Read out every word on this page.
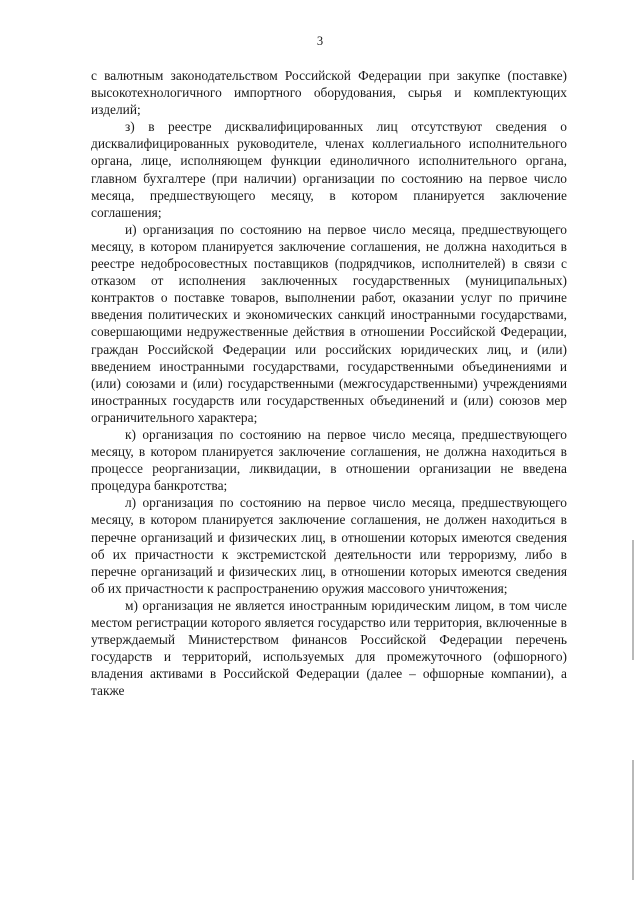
3

с валютным законодательством Российской Федерации при закупке (поставке) высокотехнологичного импортного оборудования, сырья и комплектующих изделий;

з) в реестре дисквалифицированных лиц отсутствуют сведения о дисквалифицированных руководителе, членах коллегиального исполнительного органа, лице, исполняющем функции единоличного исполнительного органа, главном бухгалтере (при наличии) организации по состоянию на первое число месяца, предшествующего месяцу, в котором планируется заключение соглашения;

и) организация по состоянию на первое число месяца, предшествующего месяцу, в котором планируется заключение соглашения, не должна находиться в реестре недобросовестных поставщиков (подрядчиков, исполнителей) в связи с отказом от исполнения заключенных государственных (муниципальных) контрактов о поставке товаров, выполнении работ, оказании услуг по причине введения политических и экономических санкций иностранными государствами, совершающими недружественные действия в отношении Российской Федерации, граждан Российской Федерации или российских юридических лиц, и (или) введением иностранными государствами, государственными объединениями и (или) союзами и (или) государственными (межгосударственными) учреждениями иностранных государств или государственных объединений и (или) союзов мер ограничительного характера;

к) организация по состоянию на первое число месяца, предшествующего месяцу, в котором планируется заключение соглашения, не должна находиться в процессе реорганизации, ликвидации, в отношении организации не введена процедура банкротства;

л) организация по состоянию на первое число месяца, предшествующего месяцу, в котором планируется заключение соглашения, не должен находиться в перечне организаций и физических лиц, в отношении которых имеются сведения об их причастности к экстремистской деятельности или терроризму, либо в перечне организаций и физических лиц, в отношении которых имеются сведения об их причастности к распространению оружия массового уничтожения;

м) организация не является иностранным юридическим лицом, в том числе местом регистрации которого является государство или территория, включенные в утверждаемый Министерством финансов Российской Федерации перечень государств и территорий, используемых для промежуточного (офшорного) владения активами в Российской Федерации (далее – офшорные компании), а также
